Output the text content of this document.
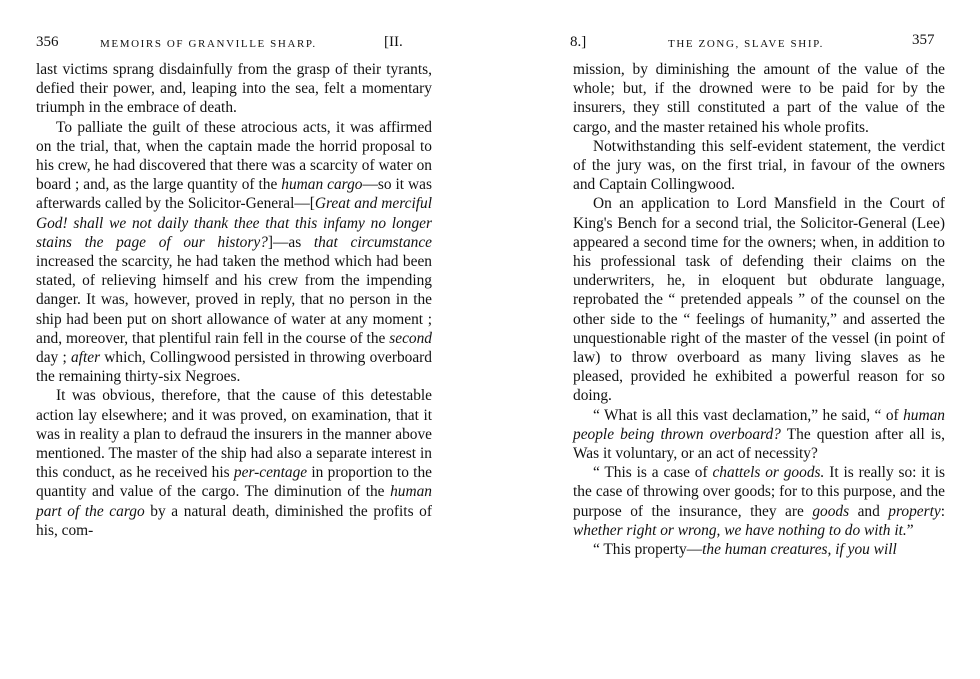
356	MEMOIRS OF GRANVILLE SHARP.	[II.

last victims sprang disdainfully from the grasp of their tyrants, defied their power, and, leaping into the sea, felt a momentary triumph in the embrace of death.

To palliate the guilt of these atrocious acts, it was affirmed on the trial, that, when the captain made the horrid proposal to his crew, he had discovered that there was a scarcity of water on board ; and, as the large quantity of the human cargo—so it was afterwards called by the Solicitor-General—[Great and merciful God! shall we not daily thank thee that this infamy no longer stains the page of our history?]—as that circumstance increased the scarcity, he had taken the method which had been stated, of relieving himself and his crew from the impending danger. It was, however, proved in reply, that no person in the ship had been put on short allowance of water at any moment ; and, moreover, that plentiful rain fell in the course of the second day ; after which, Collingwood persisted in throwing overboard the remaining thirty-six Negroes.

It was obvious, therefore, that the cause of this detestable action lay elsewhere; and it was proved, on examination, that it was in reality a plan to defraud the insurers in the manner above mentioned. The master of the ship had also a separate interest in this conduct, as he received his per-centage in proportion to the quantity and value of the cargo. The diminution of the human part of the cargo by a natural death, diminished the profits of his, com-

8.]	THE ZONG, SLAVE SHIP.	357

mission, by diminishing the amount of the value of the whole; but, if the drowned were to be paid for by the insurers, they still constituted a part of the value of the cargo, and the master retained his whole profits.

Notwithstanding this self-evident statement, the verdict of the jury was, on the first trial, in favour of the owners and Captain Collingwood.

On an application to Lord Mansfield in the Court of King's Bench for a second trial, the Solicitor-General (Lee) appeared a second time for the owners; when, in addition to his professional task of defending their claims on the underwriters, he, in eloquent but obdurate language, reprobated the “ pretended appeals ” of the counsel on the other side to the “ feelings of humanity,” and asserted the unquestionable right of the master of the vessel (in point of law) to throw overboard as many living slaves as he pleased, provided he exhibited a powerful reason for so doing.

“ What is all this vast declamation,” he said, “ of human people being thrown overboard? The question after all is, Was it voluntary, or an act of necessity?

“ This is a case of chattels or goods. It is really so: it is the case of throwing over goods; for to this purpose, and the purpose of the insurance, they are goods and property: whether right or wrong, we have nothing to do with it.”

“ This property—the human creatures, if you will
